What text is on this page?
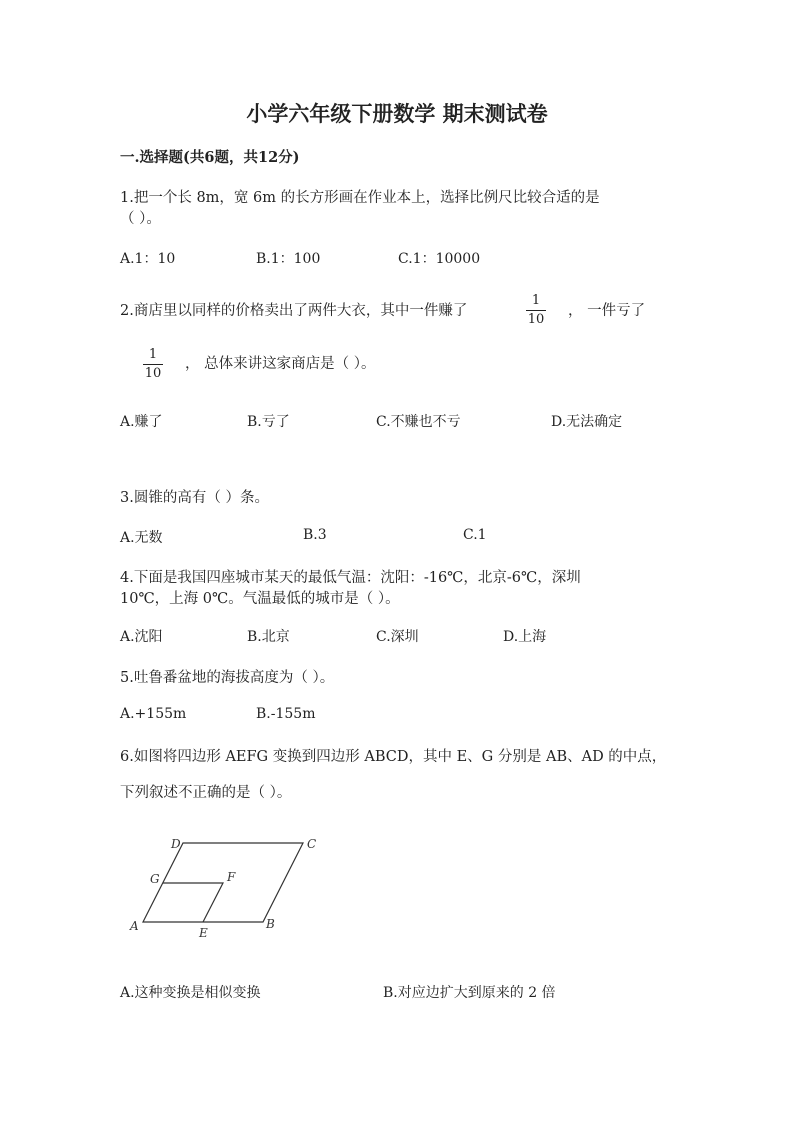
小学六年级下册数学 期末测试卷
一.选择题(共6题，共12分)
1.把一个长 8m，宽 6m 的长方形画在作业本上，选择比例尺比较合适的是
（ ）。
A.1：10	B.1：100	C.1：10000
2.商店里以同样的价格卖出了两件大衣，其中一件赚了
1
10
， 一件亏了
1
10
， 总体来讲这家商店是（ ）。
A.赚了	B.亏了	C.不赚也不亏	D.无法确定
3.圆锥的高有（ ）条。
A.无数	B.3	C.1
4.下面是我国四座城市某天的最低气温：沈阳：-16℃，北京-6℃，深圳
10℃，上海 0℃。气温最低的城市是（ ）。
A.沈阳	B.北京	C.深圳	D.上海
5.吐鲁番盆地的海拔高度为（ ）。
A.+155m	B.-155m
6.如图将四边形 AEFG 变换到四边形 ABCD，其中 E、G 分别是 AB、AD 的中点，
下列叙述不正确的是（ ）。
A	B
C
D
E
F
G
A.这种变换是相似变换	B.对应边扩大到原来的 2 倍
